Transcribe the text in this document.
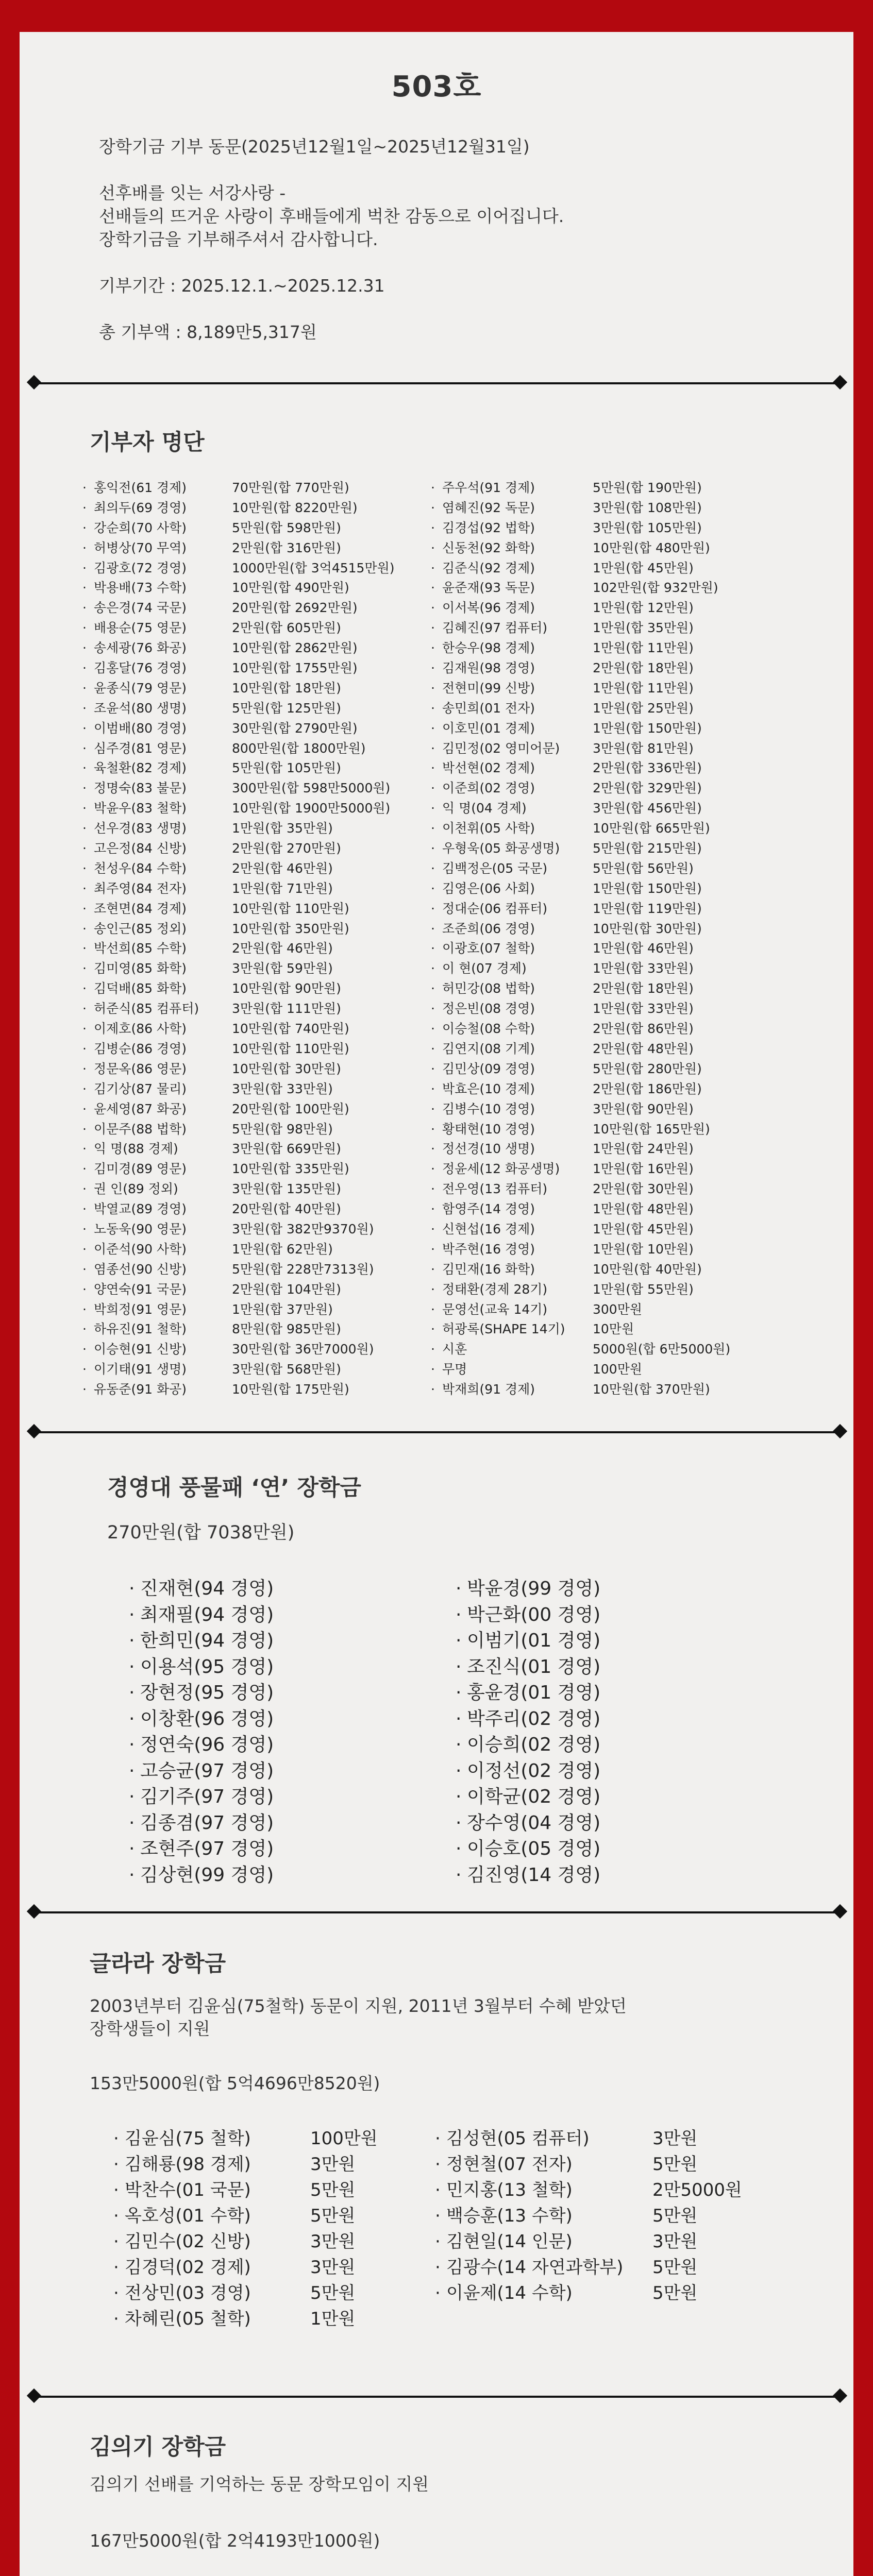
503호

장학기금 기부 동문(2025년12월1일~2025년12월31일)

선후배를 잇는 서강사랑 -

선배들의 뜨거운 사랑이 후배들에게 벅찬 감동으로 이어집니다.

장학기금을 기부해주셔서 감사합니다.

기부기간 : 2025.12.1.~2025.12.31

총 기부액 : 8,189만5,317원

기부자 명단
· 홍익전(61 경제)	70만원(합 770만원)
· 최의두(69 경영)	10만원(합 8220만원)
· 강순희(70 사학)	5만원(합 598만원)
· 허병상(70 무역)	2만원(합 316만원)
· 김광호(72 경영)	1000만원(합 3억4515만원)
· 박용배(73 수학)	10만원(합 490만원)
· 송은경(74 국문)	20만원(합 2692만원)
· 배용순(75 영문)	2만원(합 605만원)
· 송세광(76 화공)	10만원(합 2862만원)
· 김홍달(76 경영)	10만원(합 1755만원)
· 윤종식(79 영문)	10만원(합 18만원)
· 조윤석(80 생명)	5만원(합 125만원)
· 이범배(80 경영)	30만원(합 2790만원)
· 심주경(81 영문)	800만원(합 1800만원)
· 육철환(82 경제)	5만원(합 105만원)
· 정명숙(83 불문)	300만원(합 598만5000원)
· 박윤우(83 철학)	10만원(합 1900만5000원)
· 선우경(83 생명)	1만원(합 35만원)
· 고은정(84 신방)	2만원(합 270만원)
· 천성우(84 수학)	2만원(합 46만원)
· 최주영(84 전자)	1만원(합 71만원)
· 조현면(84 경제)	10만원(합 110만원)
· 송인근(85 정외)	10만원(합 350만원)
· 박선희(85 수학)	2만원(합 46만원)
· 김미영(85 화학)	3만원(합 59만원)
· 김덕배(85 화학)	10만원(합 90만원)
· 허준식(85 컴퓨터)	3만원(합 111만원)
· 이제호(86 사학)	10만원(합 740만원)
· 김병순(86 경영)	10만원(합 110만원)
· 정문옥(86 영문)	10만원(합 30만원)
· 김기상(87 물리)	3만원(합 33만원)
· 윤세영(87 화공)	20만원(합 100만원)
· 이문주(88 법학)	5만원(합 98만원)
· 익 명(88 경제)	3만원(합 669만원)
· 김미경(89 영문)	10만원(합 335만원)
· 권 인(89 정외)	3만원(합 135만원)
· 박열교(89 경영)	20만원(합 40만원)
· 노동욱(90 영문)	3만원(합 382만9370원)
· 이준석(90 사학)	1만원(합 62만원)
· 염종선(90 신방)	5만원(합 228만7313원)
· 양연숙(91 국문)	2만원(합 104만원)
· 박희정(91 영문)	1만원(합 37만원)
· 하유진(91 철학)	8만원(합 985만원)
· 이승현(91 신방)	30만원(합 36만7000원)
· 이기태(91 생명)	3만원(합 568만원)
· 유동준(91 화공)	10만원(합 175만원)
· 주우석(91 경제)	5만원(합 190만원)
· 염혜진(92 독문)	3만원(합 108만원)
· 김경섭(92 법학)	3만원(합 105만원)
· 신동천(92 화학)	10만원(합 480만원)
· 김준식(92 경제)	1만원(합 45만원)
· 윤준재(93 독문)	102만원(합 932만원)
· 이서복(96 경제)	1만원(합 12만원)
· 김혜진(97 컴퓨터)	1만원(합 35만원)
· 한승우(98 경제)	1만원(합 11만원)
· 김재원(98 경영)	2만원(합 18만원)
· 전현미(99 신방)	1만원(합 11만원)
· 송민희(01 전자)	1만원(합 25만원)
· 이호민(01 경제)	1만원(합 150만원)
· 김민정(02 영미어문)	3만원(합 81만원)
· 박선현(02 경제)	2만원(합 336만원)
· 이준희(02 경영)	2만원(합 329만원)
· 익 명(04 경제)	3만원(합 456만원)
· 이천휘(05 사학)	10만원(합 665만원)
· 우형욱(05 화공생명)	5만원(합 215만원)
· 김백정은(05 국문)	5만원(합 56만원)
· 김영은(06 사회)	1만원(합 150만원)
· 정대순(06 컴퓨터)	1만원(합 119만원)
· 조준희(06 경영)	10만원(합 30만원)
· 이광호(07 철학)	1만원(합 46만원)
· 이 현(07 경제)	1만원(합 33만원)
· 허민강(08 법학)	2만원(합 18만원)
· 정은빈(08 경영)	1만원(합 33만원)
· 이승철(08 수학)	2만원(합 86만원)
· 김연지(08 기계)	2만원(합 48만원)
· 김민상(09 경영)	5만원(합 280만원)
· 박효은(10 경제)	2만원(합 186만원)
· 김병수(10 경영)	3만원(합 90만원)
· 황태현(10 경영)	10만원(합 165만원)
· 정선경(10 생명)	1만원(합 24만원)
· 정윤세(12 화공생명)	1만원(합 16만원)
· 전우영(13 컴퓨터)	2만원(합 30만원)
· 함영주(14 경영)	1만원(합 48만원)
· 신현섭(16 경제)	1만원(합 45만원)
· 박주현(16 경영)	1만원(합 10만원)
· 김민재(16 화학)	10만원(합 40만원)
· 정태환(경제 28기)	1만원(합 55만원)
· 문영선(교육 14기)	300만원
· 허광록(SHAPE 14기) 10만원
· 시훈	5000원(합 6만5000원)
· 무명	100만원
· 박재희(91 경제)	10만원(합 370만원)
경영대 풍물패 ‘연’ 장학금

270만원(합 7038만원)

· 진재현(94 경영)
· 최재필(94 경영)
· 한희민(94 경영)
· 이용석(95 경영)
· 장현정(95 경영)
· 이창환(96 경영)
· 정연숙(96 경영)
· 고승균(97 경영)
· 김기주(97 경영)
· 김종겸(97 경영)
· 조현주(97 경영)
· 김상현(99 경영)
· 박윤경(99 경영)
· 박근화(00 경영)
· 이범기(01 경영)
· 조진식(01 경영)
· 홍윤경(01 경영)
· 박주리(02 경영)
· 이승희(02 경영)
· 이정선(02 경영)
· 이학균(02 경영)
· 장수영(04 경영)
· 이승호(05 경영)
· 김진영(14 경영)
글라라 장학금

2003년부터 김윤심(75철학) 동문이 지원, 2011년 3월부터 수혜 받았던

장학생들이 지원

153만5000원(합 5억4696만8520원)

· 김윤심(75 철학)	100만원
· 김해룡(98 경제)	3만원
· 박찬수(01 국문)	5만원
· 옥호성(01 수학)	5만원
· 김민수(02 신방)	3만원
· 김경덕(02 경제)	3만원
· 전상민(03 경영)	5만원
· 차혜린(05 철학)	1만원
· 김성현(05 컴퓨터)	3만원
· 정현철(07 전자)	5만원
· 민지홍(13 철학)	2만5000원
· 백승훈(13 수학)	5만원
· 김현일(14 인문)	3만원
· 김광수(14 자연과학부) 5만원
· 이윤제(14 수학)	5만원
김의기 장학금

김의기 선배를 기억하는 동문 장학모임이 지원

167만5000원(합 2억4193만1000원)
